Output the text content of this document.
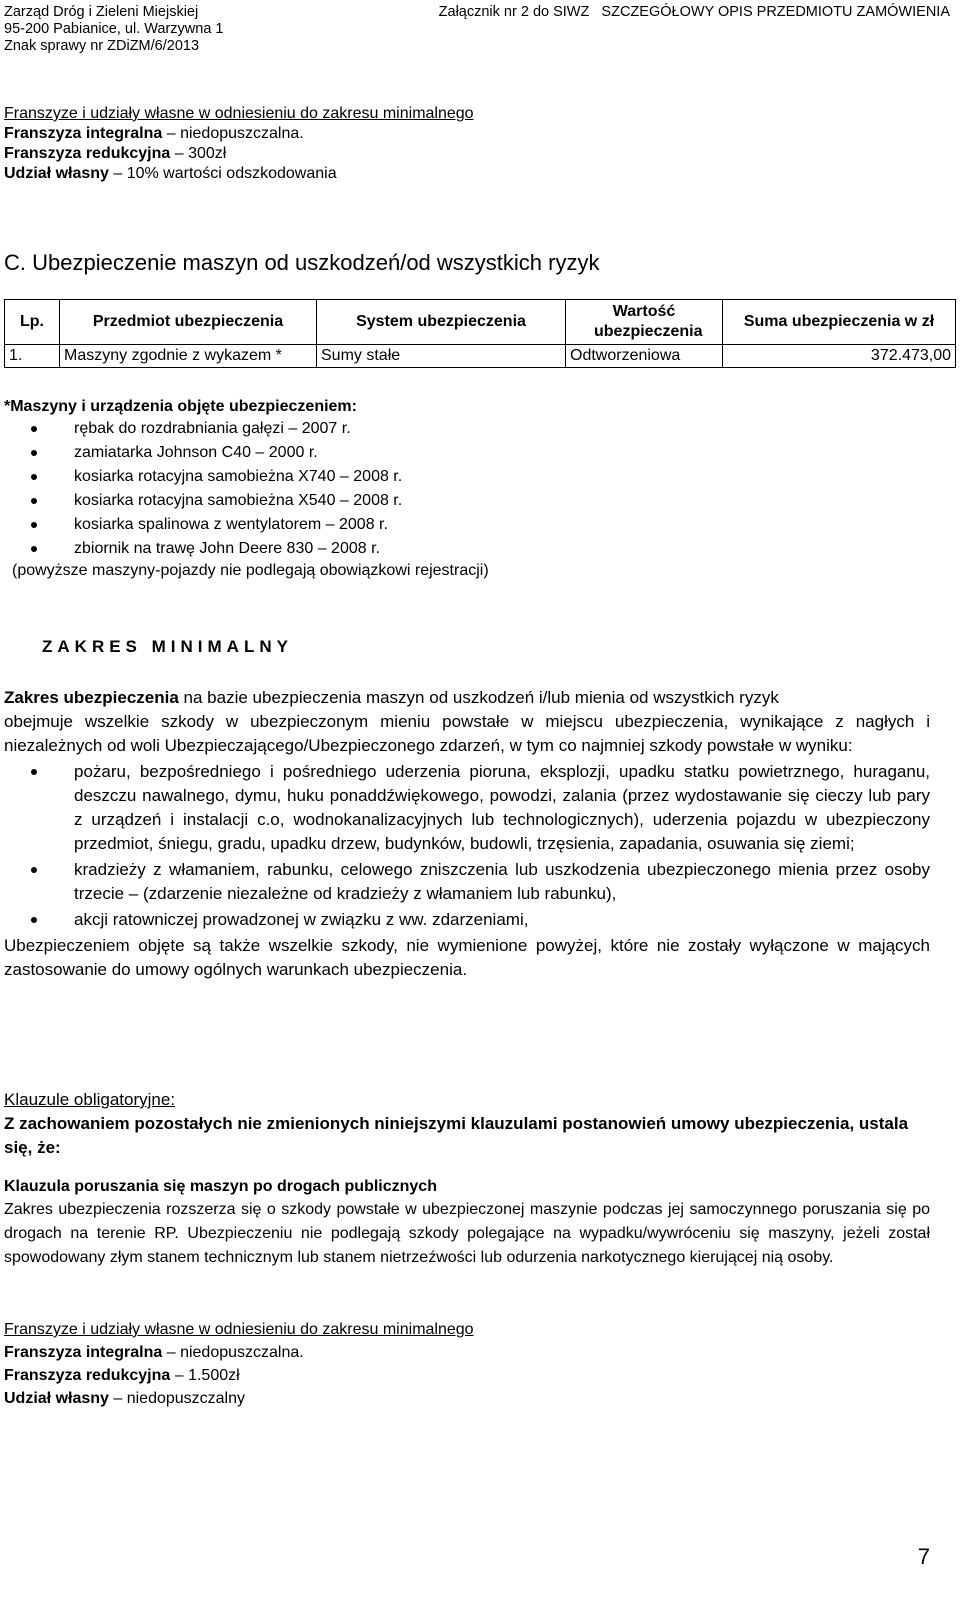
Zarząd Dróg i Zieleni Miejskiej
95-200 Pabianice, ul. Warzywna 1
Znak sprawy nr ZDiZM/6/2013
Załącznik nr 2 do SIWZ   SZCZEGÓŁOWY OPIS PRZEDMIOTU ZAMÓWIENIA
Franszyze i udziały własne w odniesieniu do zakresu minimalnego
Franszyza integralna – niedopuszczalna.
Franszyza redukcyjna – 300zł
Udział własny – 10% wartości odszkodowania
C. Ubezpieczenie maszyn od uszkodzeń/od wszystkich ryzyk
Lp.	Przedmiot ubezpieczenia	System ubezpieczenia	Wartość ubezpieczenia	Suma ubezpieczenia w zł
1.	Maszyny zgodnie z wykazem *	Sumy stałe	Odtworzeniowa	372.473,00

*Maszyny i urządzenia objęte ubezpieczeniem:

rębak do rozdrabniania gałęzi – 2007 r.
zamiatarka Johnson C40 – 2000 r.
kosiarka rotacyjna samobieżna X740 – 2008 r.
kosiarka rotacyjna samobieżna X540 – 2008 r.
kosiarka spalinowa z wentylatorem – 2008 r.
zbiornik na trawę John Deere 830 – 2008 r.

(powyższe maszyny-pojazdy nie podlegają obowiązkowi rejestracji)

ZAKRES MINIMALNY

Zakres ubezpieczenia na bazie ubezpieczenia maszyn od uszkodzeń i/lub mienia od wszystkich ryzyk

obejmuje wszelkie szkody w ubezpieczonym mieniu powstałe w miejscu ubezpieczenia, wynikające z nagłych i niezależnych od woli Ubezpieczającego/Ubezpieczonego zdarzeń, w tym co najmniej szkody powstałe w wyniku:

pożaru, bezpośredniego i pośredniego uderzenia pioruna, eksplozji, upadku statku powietrznego, huraganu, deszczu nawalnego, dymu, huku ponaddźwiękowego, powodzi, zalania (przez wydostawanie się cieczy lub pary z urządzeń i instalacji c.o, wodnokanalizacyjnych lub technologicznych), uderzenia pojazdu w ubezpieczony przedmiot, śniegu, gradu, upadku drzew, budynków, budowli, trzęsienia, zapadania, osuwania się ziemi;
kradzieży z włamaniem, rabunku, celowego zniszczenia lub uszkodzenia ubezpieczonego mienia przez osoby trzecie – (zdarzenie niezależne od kradzieży z włamaniem lub rabunku),
akcji ratowniczej prowadzonej w związku z ww. zdarzeniami,

Ubezpieczeniem objęte są także wszelkie szkody, nie wymienione powyżej, które nie zostały wyłączone w mających zastosowanie do umowy ogólnych warunkach ubezpieczenia.

Klauzule obligatoryjne:

Z zachowaniem pozostałych nie zmienionych niniejszymi klauzulami postanowień umowy ubezpieczenia, ustala się, że:

Klauzula poruszania się maszyn po drogach publicznych

Zakres ubezpieczenia rozszerza się o szkody powstałe w ubezpieczonej maszynie podczas jej samoczynnego poruszania się po drogach na terenie RP. Ubezpieczeniu nie podlegają szkody polegające na wypadku/wywróceniu się maszyny, jeżeli został spowodowany złym stanem technicznym lub stanem nietrzeźwości lub odurzenia narkotycznego kierującej nią osoby.

Franszyze i udziały własne w odniesieniu do zakresu minimalnego
Franszyza integralna – niedopuszczalna.
Franszyza redukcyjna – 1.500zł
Udział własny – niedopuszczalny
7
